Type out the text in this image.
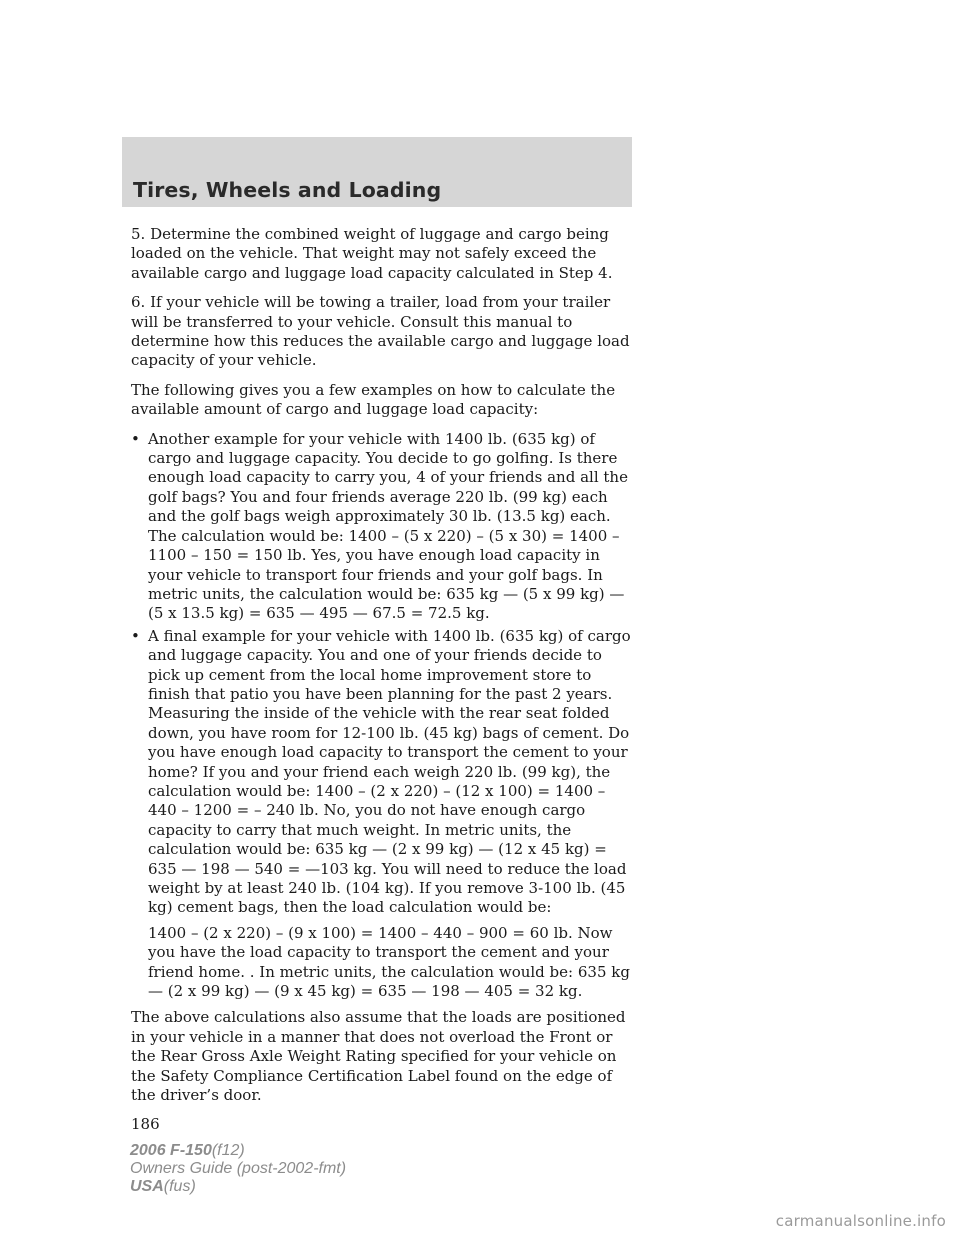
Tires, Wheels and Loading

5. Determine the combined weight of luggage and cargo being loaded on the vehicle. That weight may not safely exceed the available cargo and luggage load capacity calculated in Step 4.

6. If your vehicle will be towing a trailer, load from your trailer will be transferred to your vehicle. Consult this manual to determine how this reduces the available cargo and luggage load capacity of your vehicle.

The following gives you a few examples on how to calculate the available amount of cargo and luggage load capacity:

• Another example for your vehicle with 1400 lb. (635 kg) of cargo and luggage capacity. You decide to go golfing. Is there enough load capacity to carry you, 4 of your friends and all the golf bags? You and four friends average 220 lb. (99 kg) each and the golf bags weigh approximately 30 lb. (13.5 kg) each. The calculation would be: 1400 – (5 x 220) – (5 x 30) = 1400 – 1100 – 150 = 150 lb. Yes, you have enough load capacity in your vehicle to transport four friends and your golf bags. In metric units, the calculation would be: 635 kg — (5 x 99 kg) — (5 x 13.5 kg) = 635 — 495 — 67.5 = 72.5 kg.

• A final example for your vehicle with 1400 lb. (635 kg) of cargo and luggage capacity. You and one of your friends decide to pick up cement from the local home improvement store to finish that patio you have been planning for the past 2 years. Measuring the inside of the vehicle with the rear seat folded down, you have room for 12-100 lb. (45 kg) bags of cement. Do you have enough load capacity to transport the cement to your home? If you and your friend each weigh 220 lb. (99 kg), the calculation would be: 1400 – (2 x 220) – (12 x 100) = 1400 – 440 – 1200 = – 240 lb. No, you do not have enough cargo capacity to carry that much weight. In metric units, the calculation would be: 635 kg — (2 x 99 kg) — (12 x 45 kg) = 635 — 198 — 540 = —103 kg. You will need to reduce the load weight by at least 240 lb. (104 kg). If you remove 3-100 lb. (45 kg) cement bags, then the load calculation would be:

1400 – (2 x 220) – (9 x 100) = 1400 – 440 – 900 = 60 lb. Now you have the load capacity to transport the cement and your friend home. . In metric units, the calculation would be: 635 kg — (2 x 99 kg) — (9 x 45 kg) = 635 — 198 — 405 = 32 kg.

The above calculations also assume that the loads are positioned in your vehicle in a manner that does not overload the Front or the Rear Gross Axle Weight Rating specified for your vehicle on the Safety Compliance Certification Label found on the edge of the driver’s door.

186

2006 F-150(f12)
Owners Guide (post-2002-fmt)
USA(fus)
carmanualsonline.info
